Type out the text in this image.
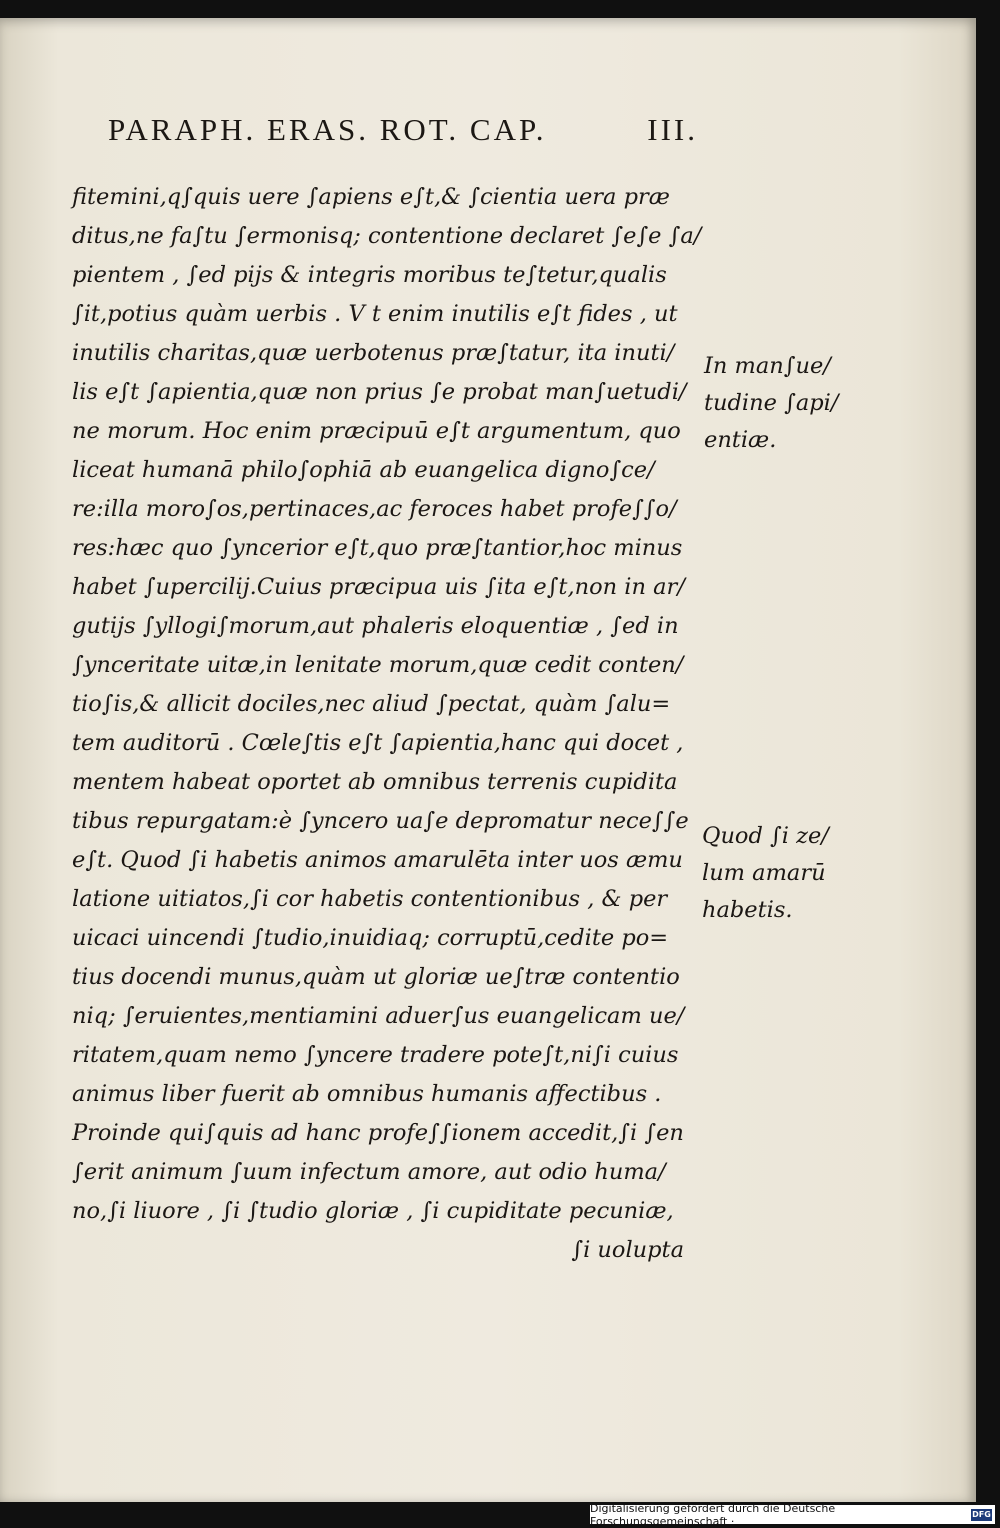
PARAPH. ERAS. ROT. CAP.	III.
fitemini,q∫quis uere ∫apiens e∫t,& ∫cientia uera præ
ditus,ne fa∫tu ∫ermonisq; contentione declaret ∫e∫e ∫a/
pientem , ∫ed pijs & integris moribus te∫tetur,qualis
∫it,potius quàm uerbis . V t enim inutilis e∫t fides , ut
inutilis charitas,quæ uerbotenus præ∫tatur, ita inuti/
lis e∫t ∫apientia,quæ non prius ∫e probat man∫uetudi/
ne morum. Hoc enim præcipuū e∫t argumentum, quo
liceat humanā philo∫ophiā ab euangelica digno∫ce/
re:illa moro∫os,pertinaces,ac feroces habet profe∫∫o/
res:hæc quo ∫yncerior e∫t,quo præ∫tantior,hoc minus
habet ∫upercilij.Cuius præcipua uis ∫ita e∫t,non in ar/
gutijs ∫yllogi∫morum,aut phaleris eloquentiæ , ∫ed in
∫ynceritate uitæ,in lenitate morum,quæ cedit conten/
tio∫is,& allicit dociles,nec aliud ∫pectat, quàm ∫alu=
tem auditorū . Cœle∫tis e∫t ∫apientia,hanc qui docet ,
mentem habeat oportet ab omnibus terrenis cupidita
tibus repurgatam:è ∫yncero ua∫e depromatur nece∫∫e
e∫t. Quod ∫i habetis animos amarulēta inter uos æmu
latione uitiatos,∫i cor habetis contentionibus , & per
uicaci uincendi ∫tudio,inuidiaq; corruptū,cedite po=
tius docendi munus,quàm ut gloriæ ue∫træ contentio
niq; ∫eruientes,mentiamini aduer∫us euangelicam ue/
ritatem,quam nemo ∫yncere tradere pote∫t,ni∫i cuius
animus liber fuerit ab omnibus humanis affectibus .
Proinde qui∫quis ad hanc profe∫∫ionem accedit,∫i ∫en
∫erit animum ∫uum infectum amore, aut odio huma/
no,∫i liuore , ∫i ∫tudio gloriæ , ∫i cupiditate pecuniæ,
∫i uolupta
In man∫ue/
tudine ∫api/
entiæ.
Quod ∫i ze/
lum amarū
habetis.
Digitalisierung gefördert durch die Deutsche Forschungsgemeinschaft ·
DFG
